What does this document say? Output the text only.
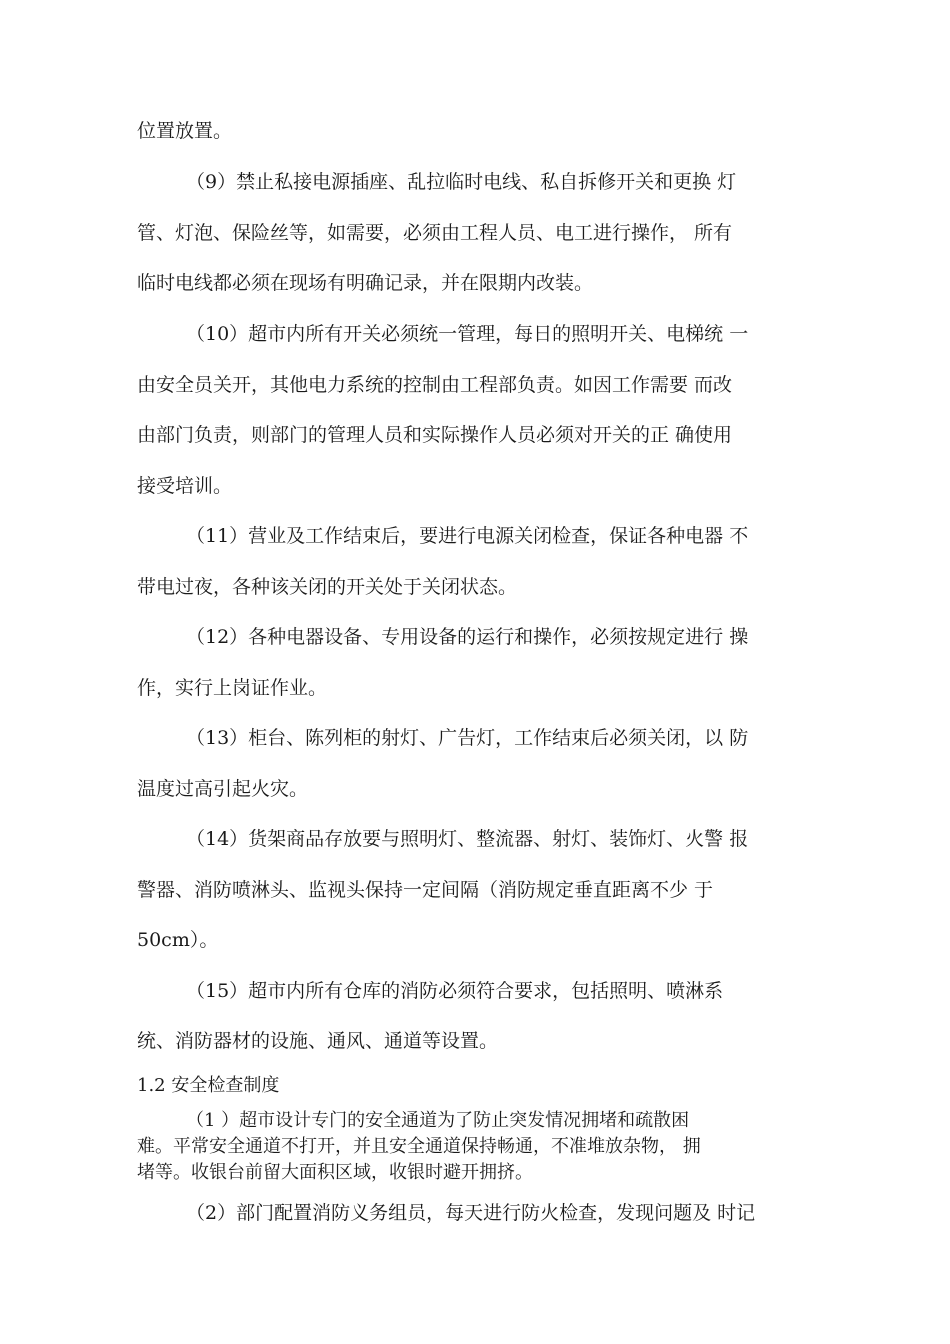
位置放置。
（9）禁止私接电源插座、乱拉临时电线、私自拆修开关和更换 灯
管、灯泡、保险丝等，如需要，必须由工程人员、电工进行操作， 所有
临时电线都必须在现场有明确记录，并在限期内改装。
（10）超市内所有开关必须统一管理，每日的照明开关、电梯统 一
由安全员关开，其他电力系统的控制由工程部负责。如因工作需要 而改
由部门负责，则部门的管理人员和实际操作人员必须对开关的正 确使用
接受培训。
（11）营业及工作结束后，要进行电源关闭检查，保证各种电器 不
带电过夜，各种该关闭的开关处于关闭状态。
（12）各种电器设备、专用设备的运行和操作，必须按规定进行 操
作，实行上岗证作业。
（13）柜台、陈列柜的射灯、广告灯，工作结束后必须关闭，以 防
温度过高引起火灾。
（14）货架商品存放要与照明灯、整流器、射灯、装饰灯、火警 报
警器、消防喷淋头、监视头保持一定间隔（消防规定垂直距离不少 于
50cm）。
（15）超市内所有仓库的消防必须符合要求，包括照明、喷淋系
统、消防器材的设施、通风、通道等设置。
1.2 安全检查制度
（1 ）超市设计专门的安全通道为了防止突发情况拥堵和疏散困
难。平常安全通道不打开，并且安全通道保持畅通，不准堆放杂物， 拥
堵等。收银台前留大面积区域，收银时避开拥挤。
（2）部门配置消防义务组员，每天进行防火检查，发现问题及 时记
